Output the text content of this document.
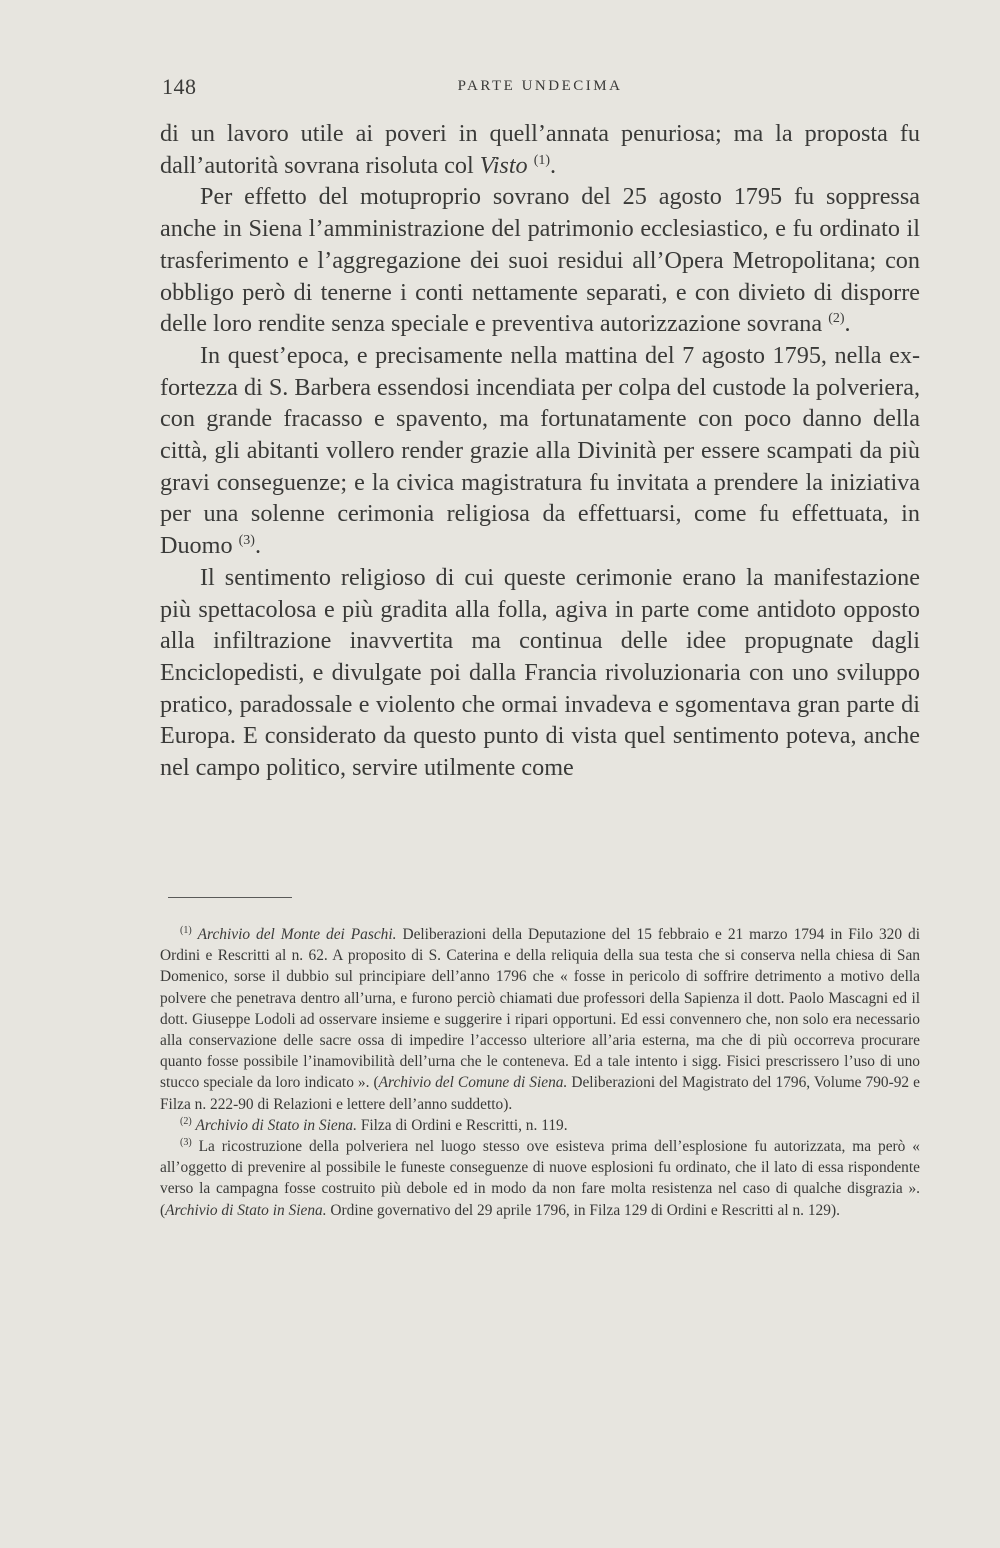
148	PARTE UNDECIMA

di un lavoro utile ai poveri in quell’annata penuriosa; ma la proposta fu dall’autorità sovrana risoluta col Visto $^{(1)}$.

Per effetto del motuproprio sovrano del 25 agosto 1795 fu soppressa anche in Siena l’amministrazione del patrimonio ecclesiastico, e fu ordinato il trasferimento e l’aggregazione dei suoi residui all’Opera Metropolitana; con obbligo però di tenerne i conti nettamente separati, e con divieto di disporre delle loro rendite senza speciale e preventiva autorizzazione sovrana $^{(2)}$.

In quest’epoca, e precisamente nella mattina del 7 agosto 1795, nella ex-fortezza di S. Barbera essendosi incendiata per colpa del custode la polveriera, con grande fracasso e spavento, ma fortunatamente con poco danno della città, gli abitanti vollero render grazie alla Divinità per essere scampati da più gravi conseguenze; e la civica magistratura fu invitata a prendere la iniziativa per una solenne cerimonia religiosa da effettuarsi, come fu effettuata, in Duomo $^{(3)}$.

Il sentimento religioso di cui queste cerimonie erano la manifestazione più spettacolosa e più gradita alla folla, agiva in parte come antidoto opposto alla infiltrazione inavvertita ma continua delle idee propugnate dagli Enciclopedisti, e divulgate poi dalla Francia rivoluzionaria con uno sviluppo pratico, paradossale e violento che ormai invadeva e sgomentava gran parte di Europa. E considerato da questo punto di vista quel sentimento poteva, anche nel campo politico, servire utilmente come

$^{(1)}$ Archivio del Monte dei Paschi. Deliberazioni della Deputazione del 15 febbraio e 21 marzo 1794 in Filo 320 di Ordini e Rescritti al n. 62. A proposito di S. Caterina e della reliquia della sua testa che si conserva nella chiesa di San Domenico, sorse il dubbio sul principiare dell’anno 1796 che « fosse in pericolo di soffrire detrimento a motivo della polvere che penetrava dentro all’urna, e furono perciò chiamati due professori della Sapienza il dott. Paolo Mascagni ed il dott. Giuseppe Lodoli ad osservare insieme e suggerire i ripari opportuni. Ed essi convennero che, non solo era necessario alla conservazione delle sacre ossa di impedire l’accesso ulteriore all’aria esterna, ma che di più occorreva procurare quanto fosse possibile l’inamovibilità dell’urna che le conteneva. Ed a tale intento i sigg. Fisici prescrissero l’uso di uno stucco speciale da loro indicato ». (Archivio del Comune di Siena. Deliberazioni del Magistrato del 1796, Volume 790-92 e Filza n. 222-90 di Relazioni e lettere dell’anno suddetto).

$^{(2)}$ Archivio di Stato in Siena. Filza di Ordini e Rescritti, n. 119.

$^{(3)}$ La ricostruzione della polveriera nel luogo stesso ove esisteva prima dell’esplosione fu autorizzata, ma però « all’oggetto di prevenire al possibile le funeste conseguenze di nuove esplosioni fu ordinato, che il lato di essa rispondente verso la campagna fosse costruito più debole ed in modo da non fare molta resistenza nel caso di qualche disgrazia ». (Archivio di Stato in Siena. Ordine governativo del 29 aprile 1796, in Filza 129 di Ordini e Rescritti al n. 129).
